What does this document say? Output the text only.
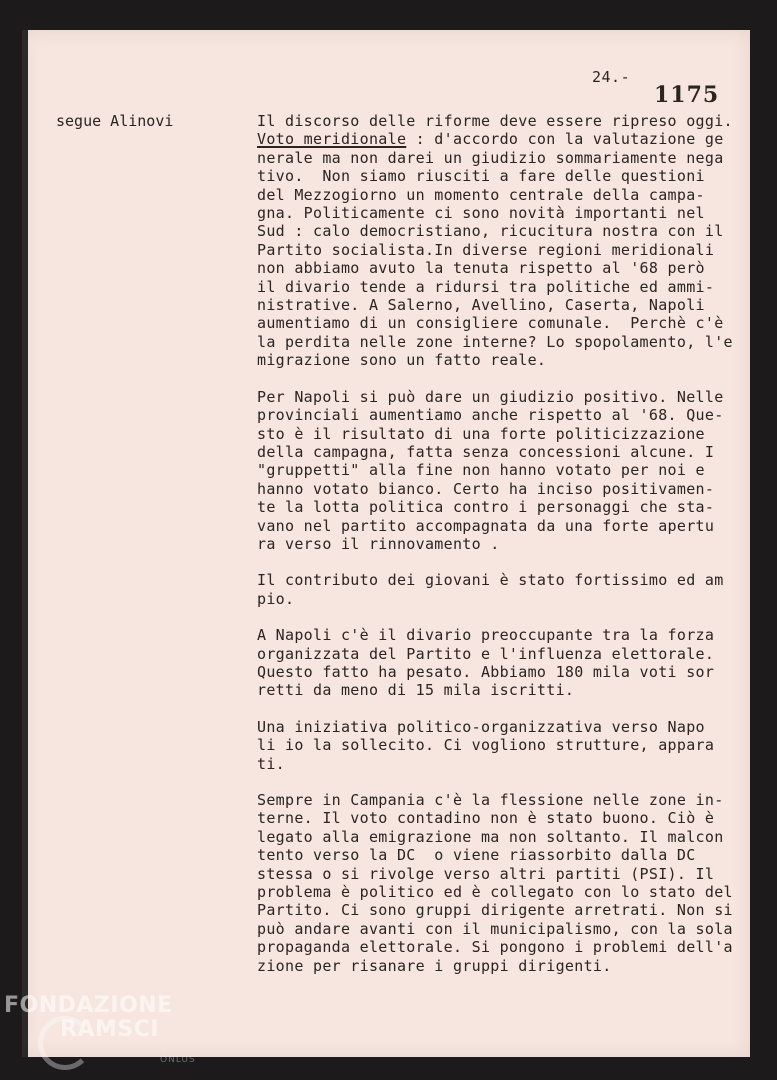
24.-
1175
segue Alinovi	Il discorso delle riforme deve essere ripreso oggi.
Voto meridionale : d'accordo con la valutazione ge
nerale ma non darei un giudizio sommariamente nega
tivo.  Non siamo riusciti a fare delle questioni
del Mezzogiorno un momento centrale della campa-
gna. Politicamente ci sono novità importanti nel
Sud : calo democristiano, ricucitura nostra con il
Partito socialista.In diverse regioni meridionali
non abbiamo avuto la tenuta rispetto al '68 però
il divario tende a ridursi tra politiche ed ammi-
nistrative. A Salerno, Avellino, Caserta, Napoli
aumentiamo di un consigliere comunale.  Perchè c'è
la perdita nelle zone interne? Lo spopolamento, l'e
migrazione sono un fatto reale.
Per Napoli si può dare un giudizio positivo. Nelle
provinciali aumentiamo anche rispetto al '68. Que-
sto è il risultato di una forte politicizzazione
della campagna, fatta senza concessioni alcune. I
"gruppetti" alla fine non hanno votato per noi e
hanno votato bianco. Certo ha inciso positivamen-
te la lotta politica contro i personaggi che sta-
vano nel partito accompagnata da una forte apertu
ra verso il rinnovamento .
Il contributo dei giovani è stato fortissimo ed am
pio.
A Napoli c'è il divario preoccupante tra la forza
organizzata del Partito e l'influenza elettorale.
Questo fatto ha pesato. Abbiamo 180 mila voti sor
retti da meno di 15 mila iscritti.
Una iniziativa politico-organizzativa verso Napo
li io la sollecito. Ci vogliono strutture, appara
ti.
Sempre in Campania c'è la flessione nelle zone in-
terne. Il voto contadino non è stato buono. Ciò è
legato alla emigrazione ma non soltanto. Il malcon
tento verso la DC  o viene riassorbito dalla DC
stessa o si rivolge verso altri partiti (PSI). Il
problema è politico ed è collegato con lo stato del
Partito. Ci sono gruppi dirigente arretrati. Non si
può andare avanti con il municipalismo, con la sola
propaganda elettorale. Si pongono i problemi dell'a
zione per risanare i gruppi dirigenti.
FONDAZIONE
RAMSCI
ONLUS
